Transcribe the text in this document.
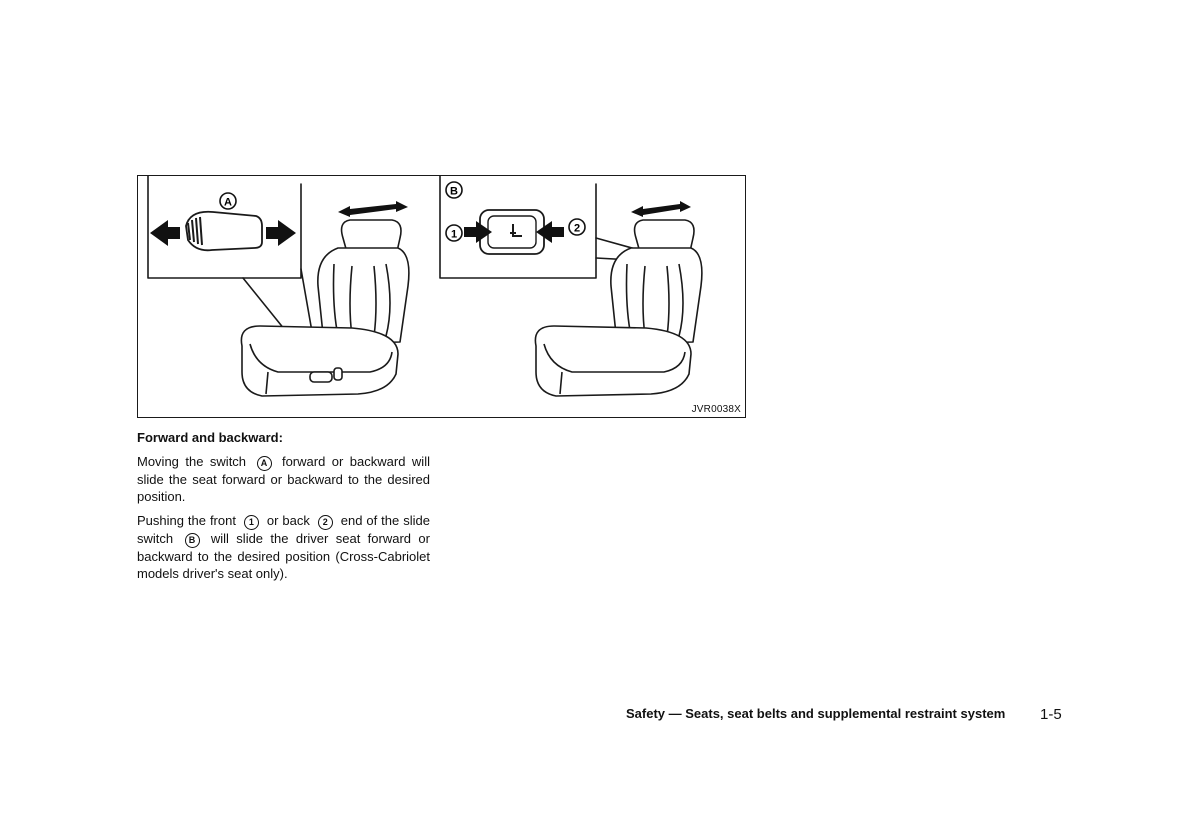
A
B
1	2
JVR0038X

Forward and backward:

Moving the switch A forward or backward will slide the seat forward or backward to the desired position.

Pushing the front 1 or back 2 end of the slide switch B will slide the driver seat forward or backward to the desired position (Cross-Cabriolet models driver's seat only).

Safety — Seats, seat belts and supplemental restraint system 1-5
